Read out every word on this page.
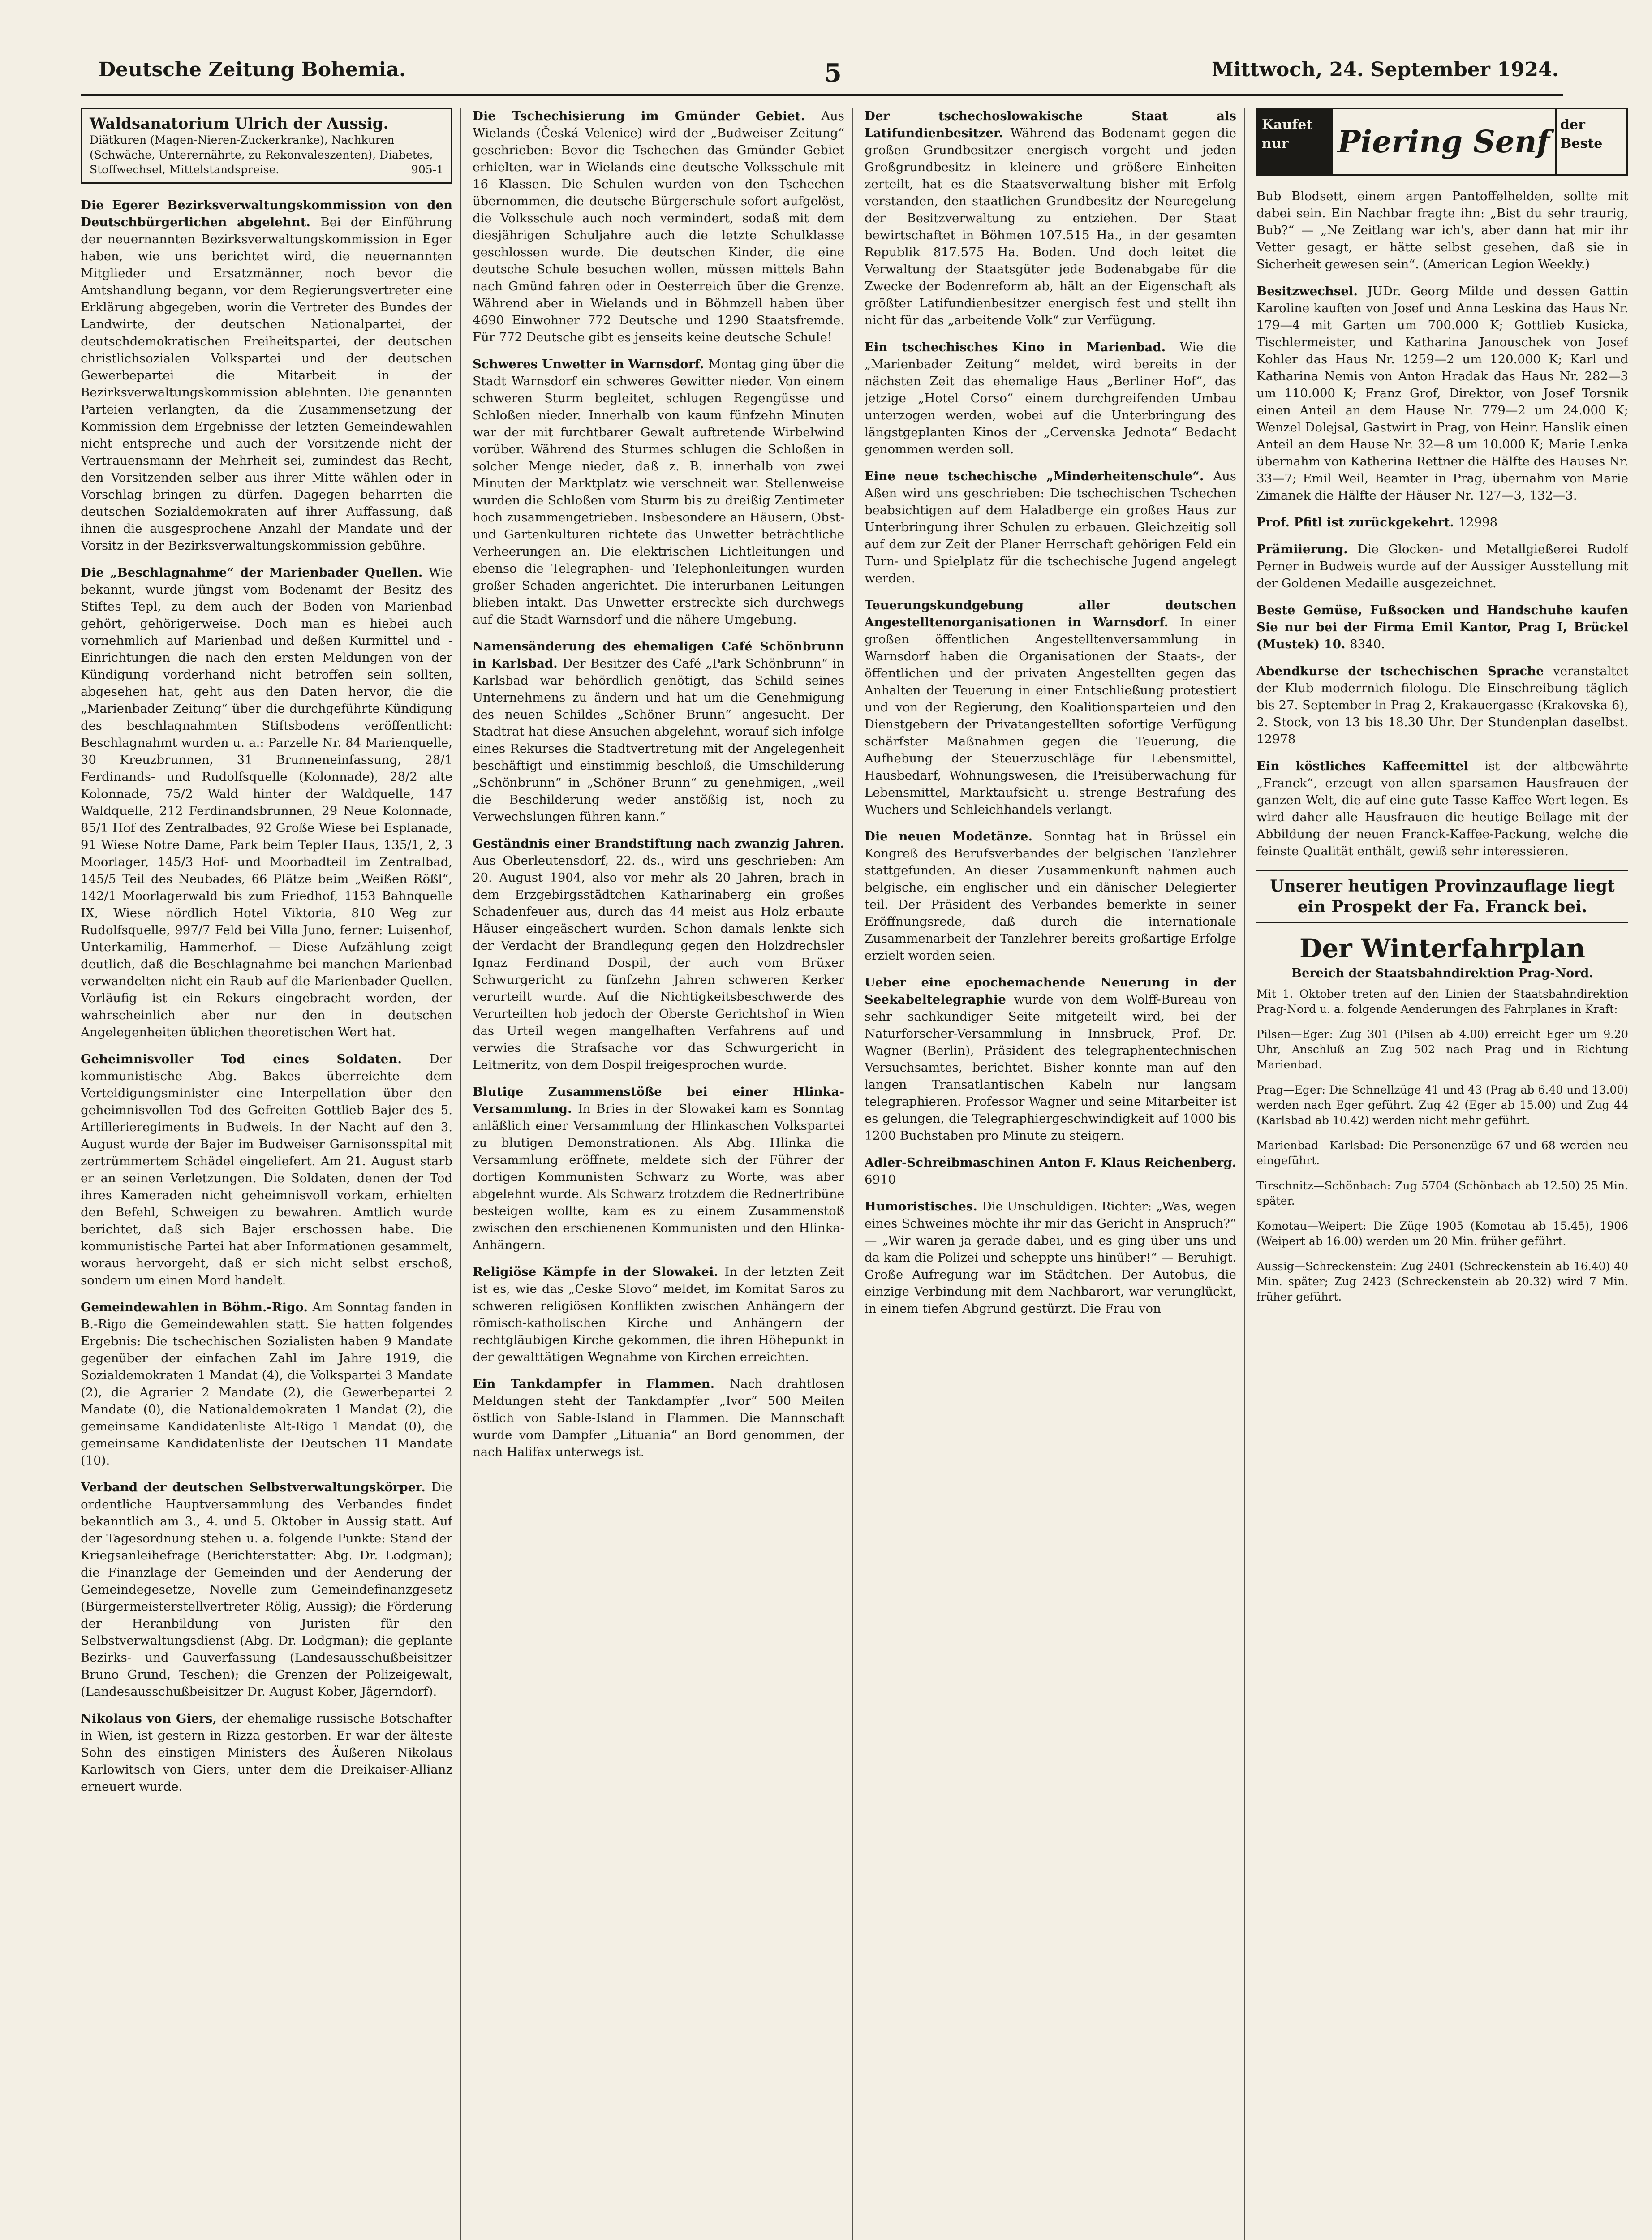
Deutsche Zeitung Bohemia.	5	Mittwoch, 24. September 1924.
Waldsanatorium Ulrich der Aussig.
Diätkuren (Magen-Nieren-Zuckerkranke), Nachkuren (Schwäche, Unterernährte, zu Rekonvaleszenten), Diabetes, Stoffwechsel, Mittelstandspreise.	905-1

Die Egerer Bezirksverwaltungskommission von den Deutschbürgerlichen abgelehnt. Bei der Einführung der neuernannten Bezirksverwaltungskommission in Eger haben, wie uns berichtet wird, die neuernannten Mitglieder und Ersatzmänner, noch bevor die Amtshandlung begann, vor dem Regierungsvertreter eine Erklärung abgegeben, worin die Vertreter des Bundes der Landwirte, der deutschen Nationalpartei, der deutschdemokratischen Freiheitspartei, der deutschen christlichsozialen Volkspartei und der deutschen Gewerbepartei die Mitarbeit in der Bezirksverwaltungskommission ablehnten. Die genannten Parteien verlangten, da die Zusammensetzung der Kommission dem Ergebnisse der letzten Gemeindewahlen nicht entspreche und auch der Vorsitzende nicht der Vertrauensmann der Mehrheit sei, zumindest das Recht, den Vorsitzenden selber aus ihrer Mitte wählen oder in Vorschlag bringen zu dürfen. Dagegen beharrten die deutschen Sozialdemokraten auf ihrer Auffassung, daß ihnen die ausgesprochene Anzahl der Mandate und der Vorsitz in der Bezirksverwaltungskommission gebühre.

Die „Beschlagnahme“ der Marienbader Quellen. Wie bekannt, wurde jüngst vom Bodenamt der Besitz des Stiftes Tepl, zu dem auch der Boden von Marienbad gehört, gehörigerweise. Doch man es hiebei auch vornehmlich auf Marienbad und deßen Kurmittel und -Einrichtungen die nach den ersten Meldungen von der Kündigung vorderhand nicht betroffen sein sollten, abgesehen hat, geht aus den Daten hervor, die die „Marienbader Zeitung“ über die durchgeführte Kündigung des beschlagnahmten Stiftsbodens veröffentlicht: Beschlagnahmt wurden u. a.: Parzelle Nr. 84 Marienquelle, 30 Kreuzbrunnen, 31 Brunneneinfassung, 28/1 Ferdinands- und Rudolfsquelle (Kolonnade), 28/2 alte Kolonnade, 75/2 Wald hinter der Waldquelle, 147 Waldquelle, 212 Ferdinandsbrunnen, 29 Neue Kolonnade, 85/1 Hof des Zentralbades, 92 Große Wiese bei Esplanade, 91 Wiese Notre Dame, Park beim Tepler Haus, 135/1, 2, 3 Moorlager, 145/3 Hof- und Moorbadteil im Zentralbad, 145/5 Teil des Neubades, 66 Plätze beim „Weißen Rößl“, 142/1 Moorlagerwald bis zum Friedhof, 1153 Bahnquelle IX, Wiese nördlich Hotel Viktoria, 810 Weg zur Rudolfsquelle, 997/7 Feld bei Villa Juno, ferner: Luisenhof, Unterkamilig, Hammerhof. — Diese Aufzählung zeigt deutlich, daß die Beschlagnahme bei manchen Marienbad verwandelten nicht ein Raub auf die Marienbader Quellen. Vorläufig ist ein Rekurs eingebracht worden, der wahrscheinlich aber nur den in deutschen Angelegenheiten üblichen theoretischen Wert hat.

Geheimnisvoller Tod eines Soldaten. Der kommunistische Abg. Bakes überreichte dem Verteidigungsminister eine Interpellation über den geheimnisvollen Tod des Gefreiten Gottlieb Bajer des 5. Artillerieregiments in Budweis. In der Nacht auf den 3. August wurde der Bajer im Budweiser Garnisonsspital mit zertrümmertem Schädel eingeliefert. Am 21. August starb er an seinen Verletzungen. Die Soldaten, denen der Tod ihres Kameraden nicht geheimnisvoll vorkam, erhielten den Befehl, Schweigen zu bewahren. Amtlich wurde berichtet, daß sich Bajer erschossen habe. Die kommunistische Partei hat aber Informationen gesammelt, woraus hervorgeht, daß er sich nicht selbst erschoß, sondern um einen Mord handelt.

Gemeindewahlen in Böhm.-Rigo. Am Sonntag fanden in B.-Rigo die Gemeindewahlen statt. Sie hatten folgendes Ergebnis: Die tschechischen Sozialisten haben 9 Mandate gegenüber der einfachen Zahl im Jahre 1919, die Sozialdemokraten 1 Mandat (4), die Volkspartei 3 Mandate (2), die Agrarier 2 Mandate (2), die Gewerbepartei 2 Mandate (0), die Nationaldemokraten 1 Mandat (2), die gemeinsame Kandidatenliste Alt-Rigo 1 Mandat (0), die gemeinsame Kandidatenliste der Deutschen 11 Mandate (10).

Verband der deutschen Selbstverwaltungskörper. Die ordentliche Hauptversammlung des Verbandes findet bekanntlich am 3., 4. und 5. Oktober in Aussig statt. Auf der Tagesordnung stehen u. a. folgende Punkte: Stand der Kriegsanleihefrage (Berichterstatter: Abg. Dr. Lodgman); die Finanzlage der Gemeinden und der Aenderung der Gemeindegesetze, Novelle zum Gemeindefinanzgesetz (Bürgermeisterstellvertreter Rölig, Aussig); die Förderung der Heranbildung von Juristen für den Selbstverwaltungsdienst (Abg. Dr. Lodgman); die geplante Bezirks- und Gauverfassung (Landesausschußbeisitzer Bruno Grund, Teschen); die Grenzen der Polizeigewalt, (Landesausschußbeisitzer Dr. August Kober, Jägerndorf).

Nikolaus von Giers, der ehemalige russische Botschafter in Wien, ist gestern in Rizza gestorben. Er war der älteste Sohn des einstigen Ministers des Äußeren Nikolaus Karlowitsch von Giers, unter dem die Dreikaiser-Allianz erneuert wurde.

Die Tschechisierung im Gmünder Gebiet. Aus Wielands (Česká Velenice) wird der „Budweiser Zeitung“ geschrieben: Bevor die Tschechen das Gmünder Gebiet erhielten, war in Wielands eine deutsche Volksschule mit 16 Klassen. Die Schulen wurden von den Tschechen übernommen, die deutsche Bürgerschule sofort aufgelöst, die Volksschule auch noch vermindert, sodaß mit dem diesjährigen Schuljahre auch die letzte Schulklasse geschlossen wurde. Die deutschen Kinder, die eine deutsche Schule besuchen wollen, müssen mittels Bahn nach Gmünd fahren oder in Oesterreich über die Grenze. Während aber in Wielands und in Böhmzell haben über 4690 Einwohner 772 Deutsche und 1290 Staatsfremde. Für 772 Deutsche gibt es jenseits keine deutsche Schule!

Schweres Unwetter in Warnsdorf. Montag ging über die Stadt Warnsdorf ein schweres Gewitter nieder. Von einem schweren Sturm begleitet, schlugen Regengüsse und Schloßen nieder. Innerhalb von kaum fünfzehn Minuten war der mit furchtbarer Gewalt auftretende Wirbelwind vorüber. Während des Sturmes schlugen die Schloßen in solcher Menge nieder, daß z. B. innerhalb von zwei Minuten der Marktplatz wie verschneit war. Stellenweise wurden die Schloßen vom Sturm bis zu dreißig Zentimeter hoch zusammengetrieben. Insbesondere an Häusern, Obst- und Gartenkulturen richtete das Unwetter beträchtliche Verheerungen an. Die elektrischen Lichtleitungen und ebenso die Telegraphen- und Telephonleitungen wurden großer Schaden angerichtet. Die interurbanen Leitungen blieben intakt. Das Unwetter erstreckte sich durchwegs auf die Stadt Warnsdorf und die nähere Umgebung.

Namensänderung des ehemaligen Café Schönbrunn in Karlsbad. Der Besitzer des Café „Park Schönbrunn“ in Karlsbad war behördlich genötigt, das Schild seines Unternehmens zu ändern und hat um die Genehmigung des neuen Schildes „Schöner Brunn“ angesucht. Der Stadtrat hat diese Ansuchen abgelehnt, worauf sich infolge eines Rekurses die Stadtvertretung mit der Angelegenheit beschäftigt und einstimmig beschloß, die Umschilderung „Schönbrunn“ in „Schöner Brunn“ zu genehmigen, „weil die Beschilderung weder anstößig ist, noch zu Verwechslungen führen kann.“

Geständnis einer Brandstiftung nach zwanzig Jahren. Aus Oberleutensdorf, 22. ds., wird uns geschrieben: Am 20. August 1904, also vor mehr als 20 Jahren, brach in dem Erzgebirgsstädtchen Katharinaberg ein großes Schadenfeuer aus, durch das 44 meist aus Holz erbaute Häuser eingeäschert wurden. Schon damals lenkte sich der Verdacht der Brandlegung gegen den Holzdrechsler Ignaz Ferdinand Dospil, der auch vom Brüxer Schwurgericht zu fünfzehn Jahren schweren Kerker verurteilt wurde. Auf die Nichtigkeitsbeschwerde des Verurteilten hob jedoch der Oberste Gerichtshof in Wien das Urteil wegen mangelhaften Verfahrens auf und verwies die Strafsache vor das Schwurgericht in Leitmeritz, von dem Dospil freigesprochen wurde.

Blutige Zusammenstöße bei einer Hlinka-Versammlung. In Bries in der Slowakei kam es Sonntag anläßlich einer Versammlung der Hlinkaschen Volkspartei zu blutigen Demonstrationen. Als Abg. Hlinka die Versammlung eröffnete, meldete sich der Führer der dortigen Kommunisten Schwarz zu Worte, was aber abgelehnt wurde. Als Schwarz trotzdem die Rednertribüne besteigen wollte, kam es zu einem Zusammenstoß zwischen den erschienenen Kommunisten und den Hlinka-Anhängern.

Religiöse Kämpfe in der Slowakei. In der letzten Zeit ist es, wie das „Ceske Slovo“ meldet, im Komitat Saros zu schweren religiösen Konflikten zwischen Anhängern der römisch-katholischen Kirche und Anhängern der rechtgläubigen Kirche gekommen, die ihren Höhepunkt in der gewalttätigen Wegnahme von Kirchen erreichten.

Ein Tankdampfer in Flammen. Nach drahtlosen Meldungen steht der Tankdampfer „Ivor“ 500 Meilen östlich von Sable-Island in Flammen. Die Mannschaft wurde vom Dampfer „Lituania“ an Bord genommen, der nach Halifax unterwegs ist.

Der tschechoslowakische Staat als Latifundienbesitzer. Während das Bodenamt gegen die großen Grundbesitzer energisch vorgeht und jeden Großgrundbesitz in kleinere und größere Einheiten zerteilt, hat es die Staatsverwaltung bisher mit Erfolg verstanden, den staatlichen Grundbesitz der Neuregelung der Besitzverwaltung zu entziehen. Der Staat bewirtschaftet in Böhmen 107.515 Ha., in der gesamten Republik 817.575 Ha. Boden. Und doch leitet die Verwaltung der Staatsgüter jede Bodenabgabe für die Zwecke der Bodenreform ab, hält an der Eigenschaft als größter Latifundienbesitzer energisch fest und stellt ihn nicht für das „arbeitende Volk“ zur Verfügung.

Ein tschechisches Kino in Marienbad. Wie die „Marienbader Zeitung“ meldet, wird bereits in der nächsten Zeit das ehemalige Haus „Berliner Hof“, das jetzige „Hotel Corso“ einem durchgreifenden Umbau unterzogen werden, wobei auf die Unterbringung des längstgeplanten Kinos der „Cervenska Jednota“ Bedacht genommen werden soll.

Eine neue tschechische „Minderheitenschule“. Aus Aßen wird uns geschrieben: Die tschechischen Tschechen beabsichtigen auf dem Haladberge ein großes Haus zur Unterbringung ihrer Schulen zu erbauen. Gleichzeitig soll auf dem zur Zeit der Planer Herrschaft gehörigen Feld ein Turn- und Spielplatz für die tschechische Jugend angelegt werden.

Teuerungskundgebung aller deutschen Angestelltenorganisationen in Warnsdorf. In einer großen öffentlichen Angestelltenversammlung in Warnsdorf haben die Organisationen der Staats-, der öffentlichen und der privaten Angestellten gegen das Anhalten der Teuerung in einer Entschließung protestiert und von der Regierung, den Koalitionsparteien und den Dienstgebern der Privatangestellten sofortige Verfügung schärfster Maßnahmen gegen die Teuerung, die Aufhebung der Steuerzuschläge für Lebensmittel, Hausbedarf, Wohnungswesen, die Preisüberwachung für Lebensmittel, Marktaufsicht u. strenge Bestrafung des Wuchers und Schleichhandels verlangt.

Die neuen Modetänze. Sonntag hat in Brüssel ein Kongreß des Berufsverbandes der belgischen Tanzlehrer stattgefunden. An dieser Zusammenkunft nahmen auch belgische, ein englischer und ein dänischer Delegierter teil. Der Präsident des Verbandes bemerkte in seiner Eröffnungsrede, daß durch die internationale Zusammenarbeit der Tanzlehrer bereits großartige Erfolge erzielt worden seien.

Ueber eine epochemachende Neuerung in der Seekabeltelegraphie wurde von dem Wolff-Bureau von sehr sachkundiger Seite mitgeteilt wird, bei der Naturforscher-Versammlung in Innsbruck, Prof. Dr. Wagner (Berlin), Präsident des telegraphentechnischen Versuchsamtes, berichtet. Bisher konnte man auf den langen Transatlantischen Kabeln nur langsam telegraphieren. Professor Wagner und seine Mitarbeiter ist es gelungen, die Telegraphiergeschwindigkeit auf 1000 bis 1200 Buchstaben pro Minute zu steigern.

Adler-Schreibmaschinen Anton F. Klaus Reichenberg. 6910

Humoristisches. Die Unschuldigen. Richter: „Was, wegen eines Schweines möchte ihr mir das Gericht in Anspruch?“ — „Wir waren ja gerade dabei, und es ging über uns und da kam die Polizei und scheppte uns hinüber!“ — Beruhigt. Große Aufregung war im Städtchen. Der Autobus, die einzige Verbindung mit dem Nachbarort, war verunglückt, in einem tiefen Abgrund gestürzt. Die Frau von

Kaufet nur	Piering Senf der Beste

Bub Blodsett, einem argen Pantoffelhelden, sollte mit dabei sein. Ein Nachbar fragte ihn: „Bist du sehr traurig, Bub?“ — „Ne Zeitlang war ich's, aber dann hat mir ihr Vetter gesagt, er hätte selbst gesehen, daß sie in Sicherheit gewesen sein“. (American Legion Weekly.)

Besitzwechsel. JUDr. Georg Milde und dessen Gattin Karoline kauften von Josef und Anna Leskina das Haus Nr. 179—4 mit Garten um 700.000 K; Gottlieb Kusicka, Tischlermeister, und Katharina Janouschek von Josef Kohler das Haus Nr. 1259—2 um 120.000 K; Karl und Katharina Nemis von Anton Hradak das Haus Nr. 282—3 um 110.000 K; Franz Grof, Direktor, von Josef Torsnik einen Anteil an dem Hause Nr. 779—2 um 24.000 K; Wenzel Dolejsal, Gastwirt in Prag, von Heinr. Hanslik einen Anteil an dem Hause Nr. 32—8 um 10.000 K; Marie Lenka übernahm von Katherina Rettner die Hälfte des Hauses Nr. 33—7; Emil Weil, Beamter in Prag, übernahm von Marie Zimanek die Hälfte der Häuser Nr. 127—3, 132—3.

Prof. Pfitl ist zurückgekehrt. 12998

Prämiierung. Die Glocken- und Metallgießerei Rudolf Perner in Budweis wurde auf der Aussiger Ausstellung mit der Goldenen Medaille ausgezeichnet.

Beste Gemüse, Fußsocken und Handschuhe kaufen Sie nur bei der Firma Emil Kantor, Prag I, Brückel (Mustek) 10. 8340.

Abendkurse der tschechischen Sprache veranstaltet der Klub moderrnich filologu. Die Einschreibung täglich bis 27. September in Prag 2, Krakauergasse (Krakovska 6), 2. Stock, von 13 bis 18.30 Uhr. Der Stundenplan daselbst. 12978

Ein köstliches Kaffeemittel ist der altbewährte „Franck“, erzeugt von allen sparsamen Hausfrauen der ganzen Welt, die auf eine gute Tasse Kaffee Wert legen. Es wird daher alle Hausfrauen die heutige Beilage mit der Abbildung der neuen Franck-Kaffee-Packung, welche die feinste Qualität enthält, gewiß sehr interessieren.

Unserer heutigen Provinzauflage liegt ein Prospekt der Fa. Franck bei.
Der Winterfahrplan
Bereich der Staatsbahndirektion Prag-Nord.

Mit 1. Oktober treten auf den Linien der Staatsbahndirektion Prag-Nord u. a. folgende Aenderungen des Fahrplanes in Kraft:

Pilsen—Eger: Zug 301 (Pilsen ab 4.00) erreicht Eger um 9.20 Uhr, Anschluß an Zug 502 nach Prag und in Richtung Marienbad.

Prag—Eger: Die Schnellzüge 41 und 43 (Prag ab 6.40 und 13.00) werden nach Eger geführt. Zug 42 (Eger ab 15.00) und Zug 44 (Karlsbad ab 10.42) werden nicht mehr geführt.

Marienbad—Karlsbad: Die Personenzüge 67 und 68 werden neu eingeführt.

Tirschnitz—Schönbach: Zug 5704 (Schönbach ab 12.50) 25 Min. später.

Komotau—Weipert: Die Züge 1905 (Komotau ab 15.45), 1906 (Weipert ab 16.00) werden um 20 Min. früher geführt.

Aussig—Schreckenstein: Zug 2401 (Schreckenstein ab 16.40) 40 Min. später; Zug 2423 (Schreckenstein ab 20.32) wird 7 Min. früher geführt.
